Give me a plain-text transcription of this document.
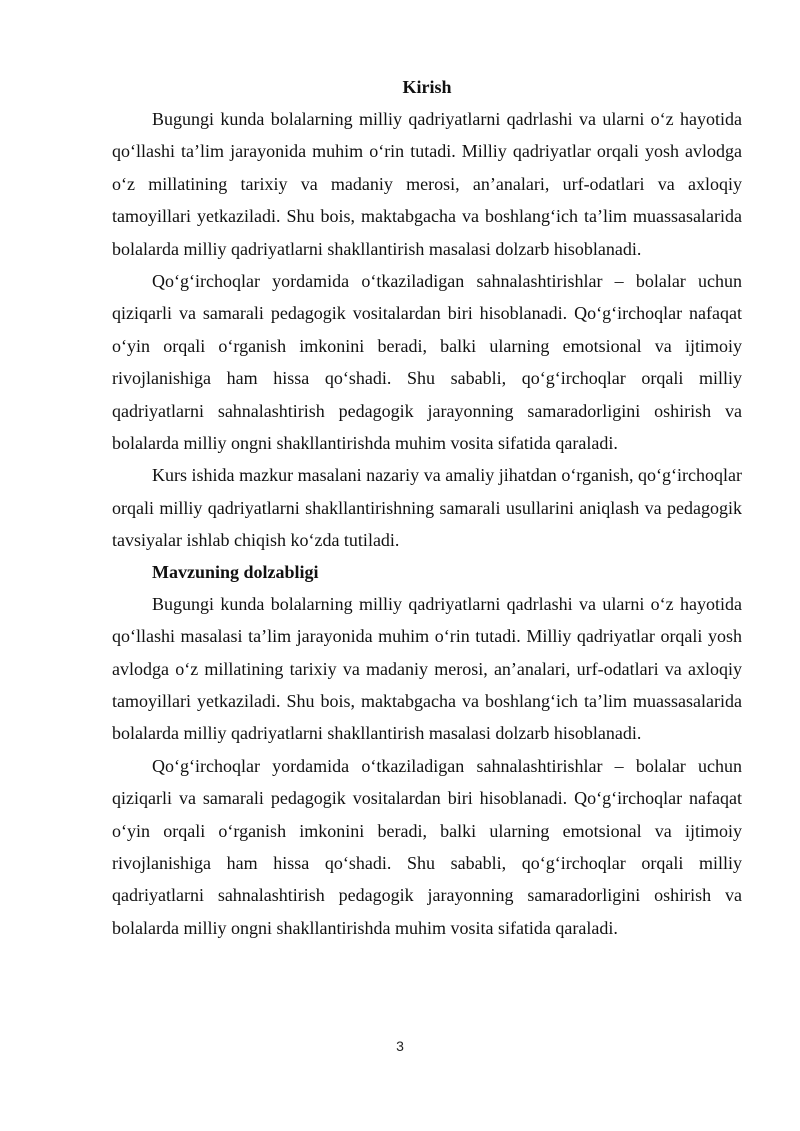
Kirish

Bugungi kunda bolalarning milliy qadriyatlarni qadrlashi va ularni o‘z hayotida qo‘llashi ta’lim jarayonida muhim o‘rin tutadi. Milliy qadriyatlar orqali yosh avlodga o‘z millatining tarixiy va madaniy merosi, an’analari, urf-odatlari va axloqiy tamoyillari yetkaziladi. Shu bois, maktabgacha va boshlang‘ich ta’lim muassasalarida bolalarda milliy qadriyatlarni shakllantirish masalasi dolzarb hisoblanadi.

Qo‘g‘irchoqlar yordamida o‘tkaziladigan sahnalashtirishlar – bolalar uchun qiziqarli va samarali pedagogik vositalardan biri hisoblanadi. Qo‘g‘irchoqlar nafaqat o‘yin orqali o‘rganish imkonini beradi, balki ularning emotsional va ijtimoiy rivojlanishiga ham hissa qo‘shadi. Shu sababli, qo‘g‘irchoqlar orqali milliy qadriyatlarni sahnalashtirish pedagogik jarayonning samaradorligini oshirish va bolalarda milliy ongni shakllantirishda muhim vosita sifatida qaraladi.

Kurs ishida mazkur masalani nazariy va amaliy jihatdan o‘rganish, qo‘g‘irchoqlar orqali milliy qadriyatlarni shakllantirishning samarali usullarini aniqlash va pedagogik tavsiyalar ishlab chiqish ko‘zda tutiladi.

Mavzuning dolzabligi

Bugungi kunda bolalarning milliy qadriyatlarni qadrlashi va ularni o‘z hayotida qo‘llashi masalasi ta’lim jarayonida muhim o‘rin tutadi. Milliy qadriyatlar orqali yosh avlodga o‘z millatining tarixiy va madaniy merosi, an’analari, urf-odatlari va axloqiy tamoyillari yetkaziladi. Shu bois, maktabgacha va boshlang‘ich ta’lim muassasalarida bolalarda milliy qadriyatlarni shakllantirish masalasi dolzarb hisoblanadi.

Qo‘g‘irchoqlar yordamida o‘tkaziladigan sahnalashtirishlar – bolalar uchun qiziqarli va samarali pedagogik vositalardan biri hisoblanadi. Qo‘g‘irchoqlar nafaqat o‘yin orqali o‘rganish imkonini beradi, balki ularning emotsional va ijtimoiy rivojlanishiga ham hissa qo‘shadi. Shu sababli, qo‘g‘irchoqlar orqali milliy qadriyatlarni sahnalashtirish pedagogik jarayonning samaradorligini oshirish va bolalarda milliy ongni shakllantirishda muhim vosita sifatida qaraladi.

3
